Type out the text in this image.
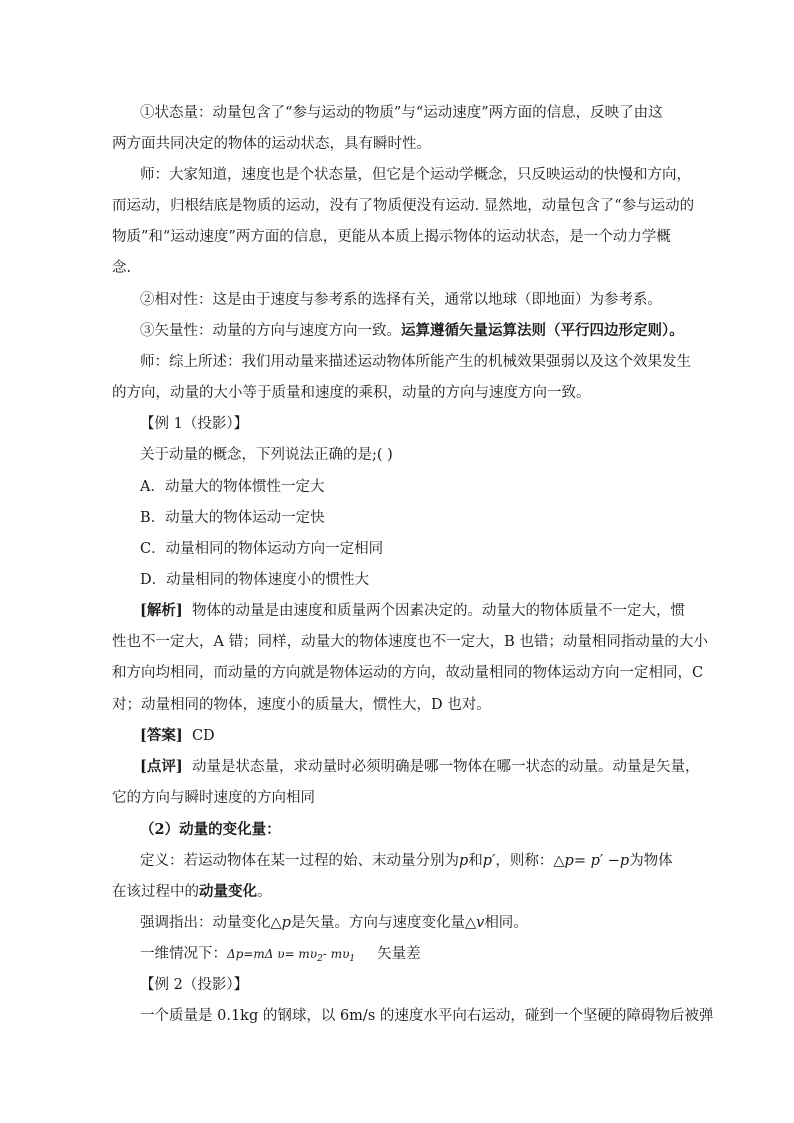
①状态量：动量包含了“参与运动的物质”与“运动速度”两方面的信息，反映了由这
两方面共同决定的物体的运动状态，具有瞬时性。
师：大家知道，速度也是个状态量，但它是个运动学概念，只反映运动的快慢和方向，
而运动，归根结底是物质的运动，没有了物质便没有运动. 显然地，动量包含了“参与运动的
物质”和“运动速度”两方面的信息，更能从本质上揭示物体的运动状态，是一个动力学概
念.
②相对性：这是由于速度与参考系的选择有关，通常以地球（即地面）为参考系。
③矢量性：动量的方向与速度方向一致。运算遵循矢量运算法则（平行四边形定则）。
师：综上所述：我们用动量来描述运动物体所能产生的机械效果强弱以及这个效果发生
的方向，动量的大小等于质量和速度的乘积，动量的方向与速度方向一致。
【例 1（投影）】
关于动量的概念，下列说法正确的是;( )
A．动量大的物体惯性一定大
B．动量大的物体运动一定快
C．动量相同的物体运动方向一定相同
D．动量相同的物体速度小的惯性大
[解析] 物体的动量是由速度和质量两个因素决定的。动量大的物体质量不一定大，惯
性也不一定大，A 错；同样，动量大的物体速度也不一定大，B 也错；动量相同指动量的大小
和方向均相同，而动量的方向就是物体运动的方向，故动量相同的物体运动方向一定相同，C
对；动量相同的物体，速度小的质量大，惯性大，D 也对。
[答案] CD
[点评] 动量是状态量，求动量时必须明确是哪一物体在哪一状态的动量。动量是矢量，
它的方向与瞬时速度的方向相同
（2）动量的变化量：
定义：若运动物体在某一过程的始、末动量分别为p和p′，则称：△p= p′ −p为物体
在该过程中的动量变化。
强调指出：动量变化△p是矢量。方向与速度变化量△v相同。
一维情况下：Δp=mΔ $\upsilon= m\upsilon_2-$ $m\upsilon_1$ 矢量差
【例 2（投影）】
一个质量是 0.1kg 的钢球，以 6m/s 的速度水平向右运动，碰到一个坚硬的障碍物后被弹
